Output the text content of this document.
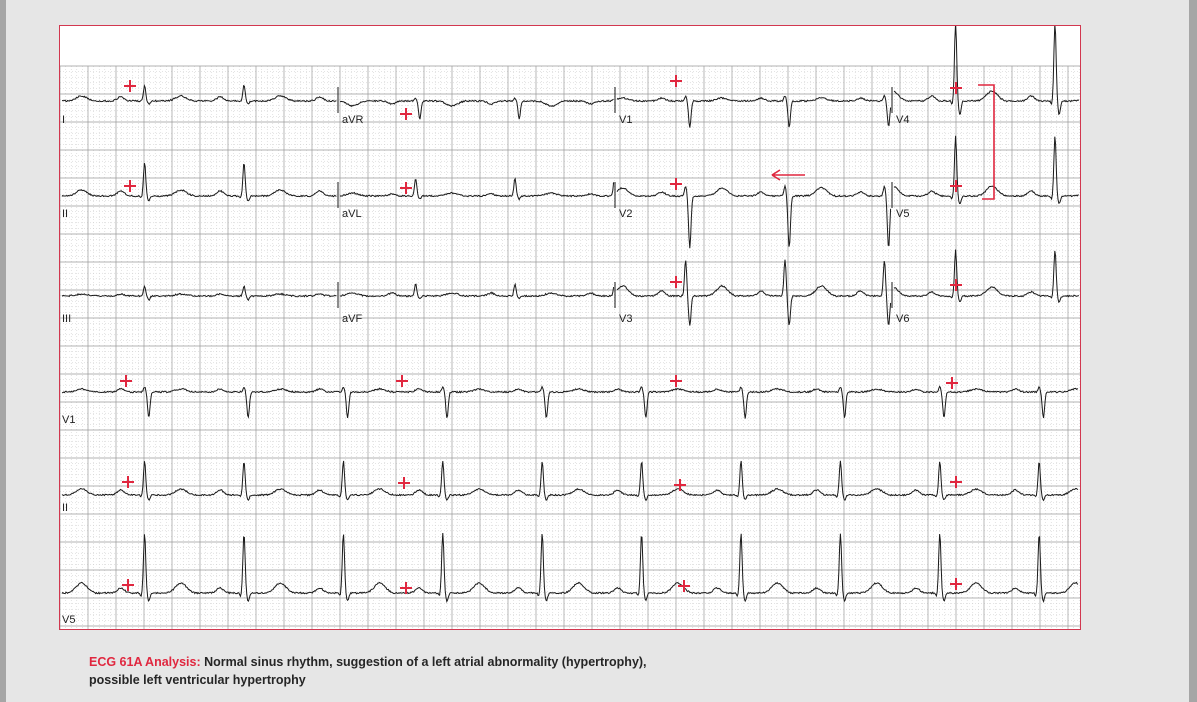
I	aVR	V1	V4
II	aVL	V2	V5
III	aVF	V3	V6
V1
II
V5
ECG 61A Analysis: Normal sinus rhythm, suggestion of a left atrial abnormality (hypertrophy), possible left ventricular hypertrophy
